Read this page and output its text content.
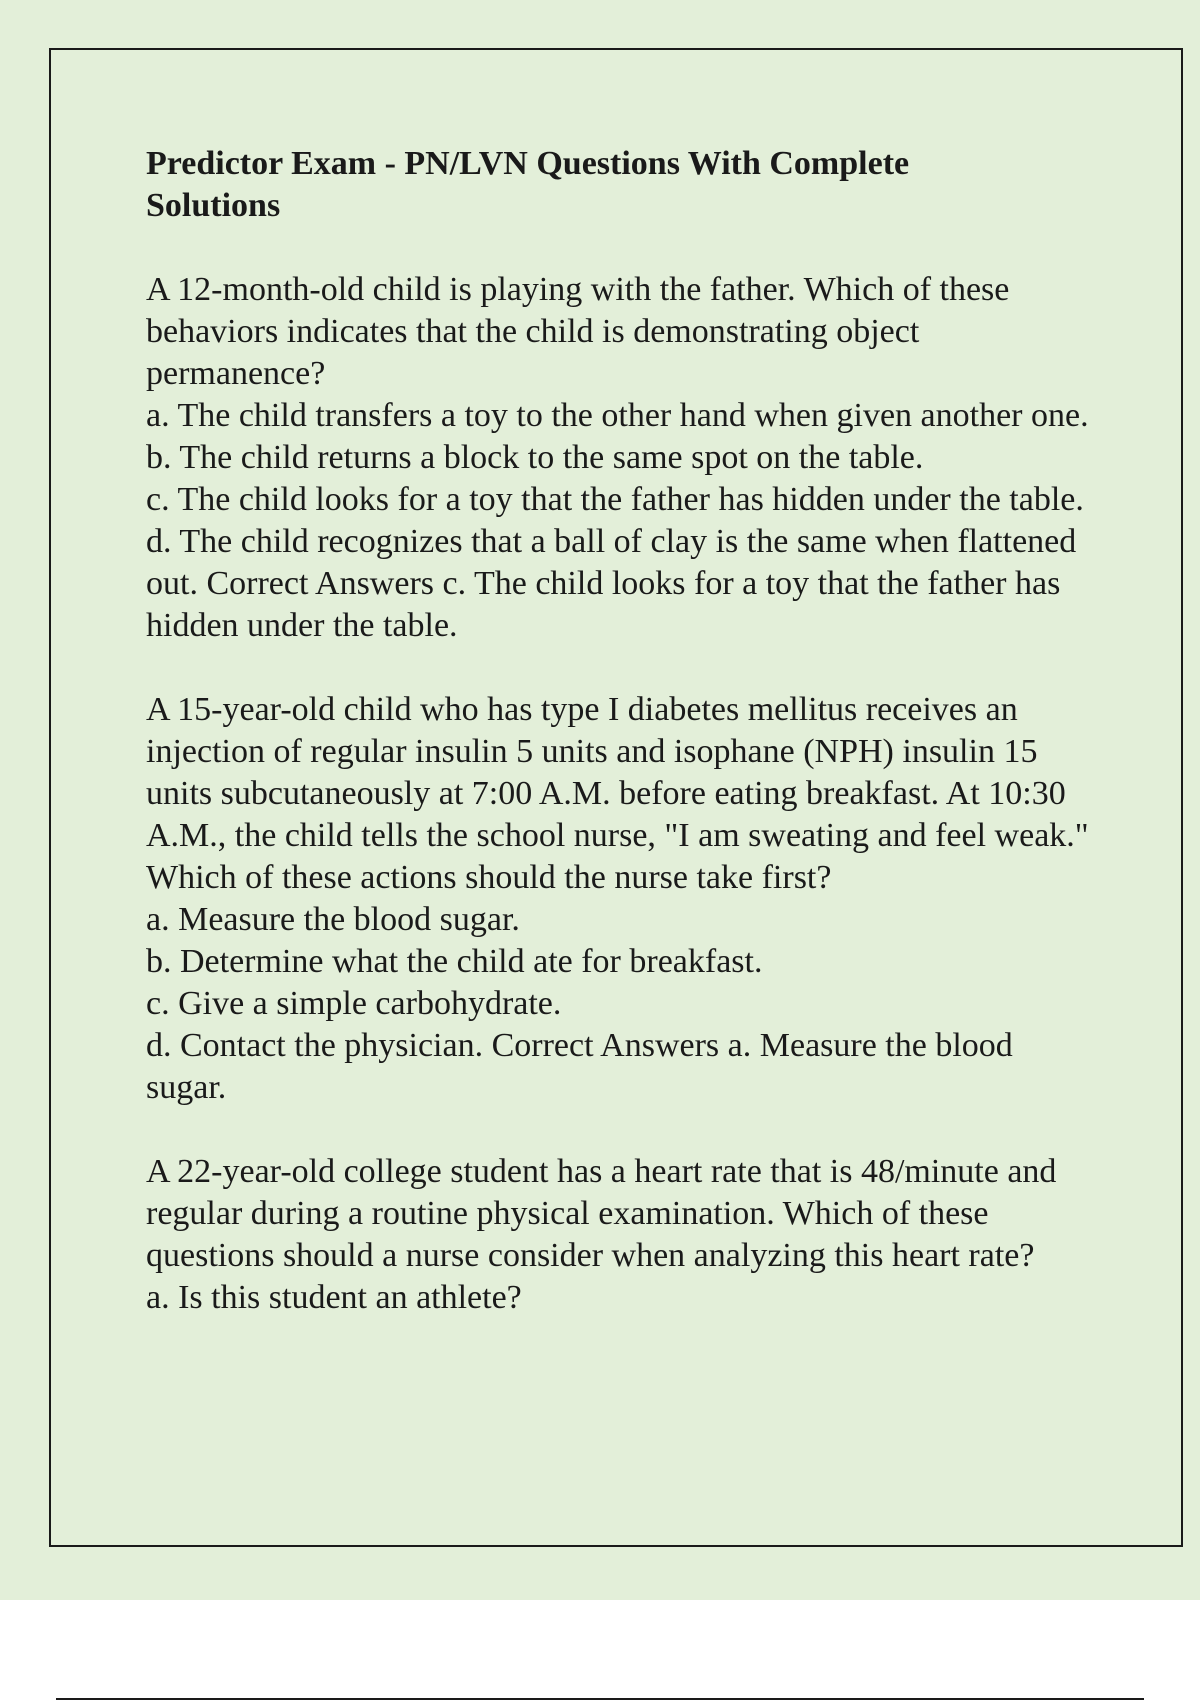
Predictor Exam - PN/LVN Questions With Complete Solutions
A 12-month-old child is playing with the father. Which of these behaviors indicates that the child is demonstrating object permanence?
a. The child transfers a toy to the other hand when given another one.
b. The child returns a block to the same spot on the table.
c. The child looks for a toy that the father has hidden under the table.
d. The child recognizes that a ball of clay is the same when flattened out. Correct Answers c. The child looks for a toy that the father has hidden under the table.
A 15-year-old child who has type I diabetes mellitus receives an injection of regular insulin 5 units and isophane (NPH) insulin 15 units subcutaneously at 7:00 A.M. before eating breakfast. At 10:30 A.M., the child tells the school nurse, "I am sweating and feel weak." Which of these actions should the nurse take first?
a. Measure the blood sugar.
b. Determine what the child ate for breakfast.
c. Give a simple carbohydrate.
d. Contact the physician. Correct Answers a. Measure the blood sugar.
A 22-year-old college student has a heart rate that is 48/minute and regular during a routine physical examination. Which of these questions should a nurse consider when analyzing this heart rate?
a. Is this student an athlete?
